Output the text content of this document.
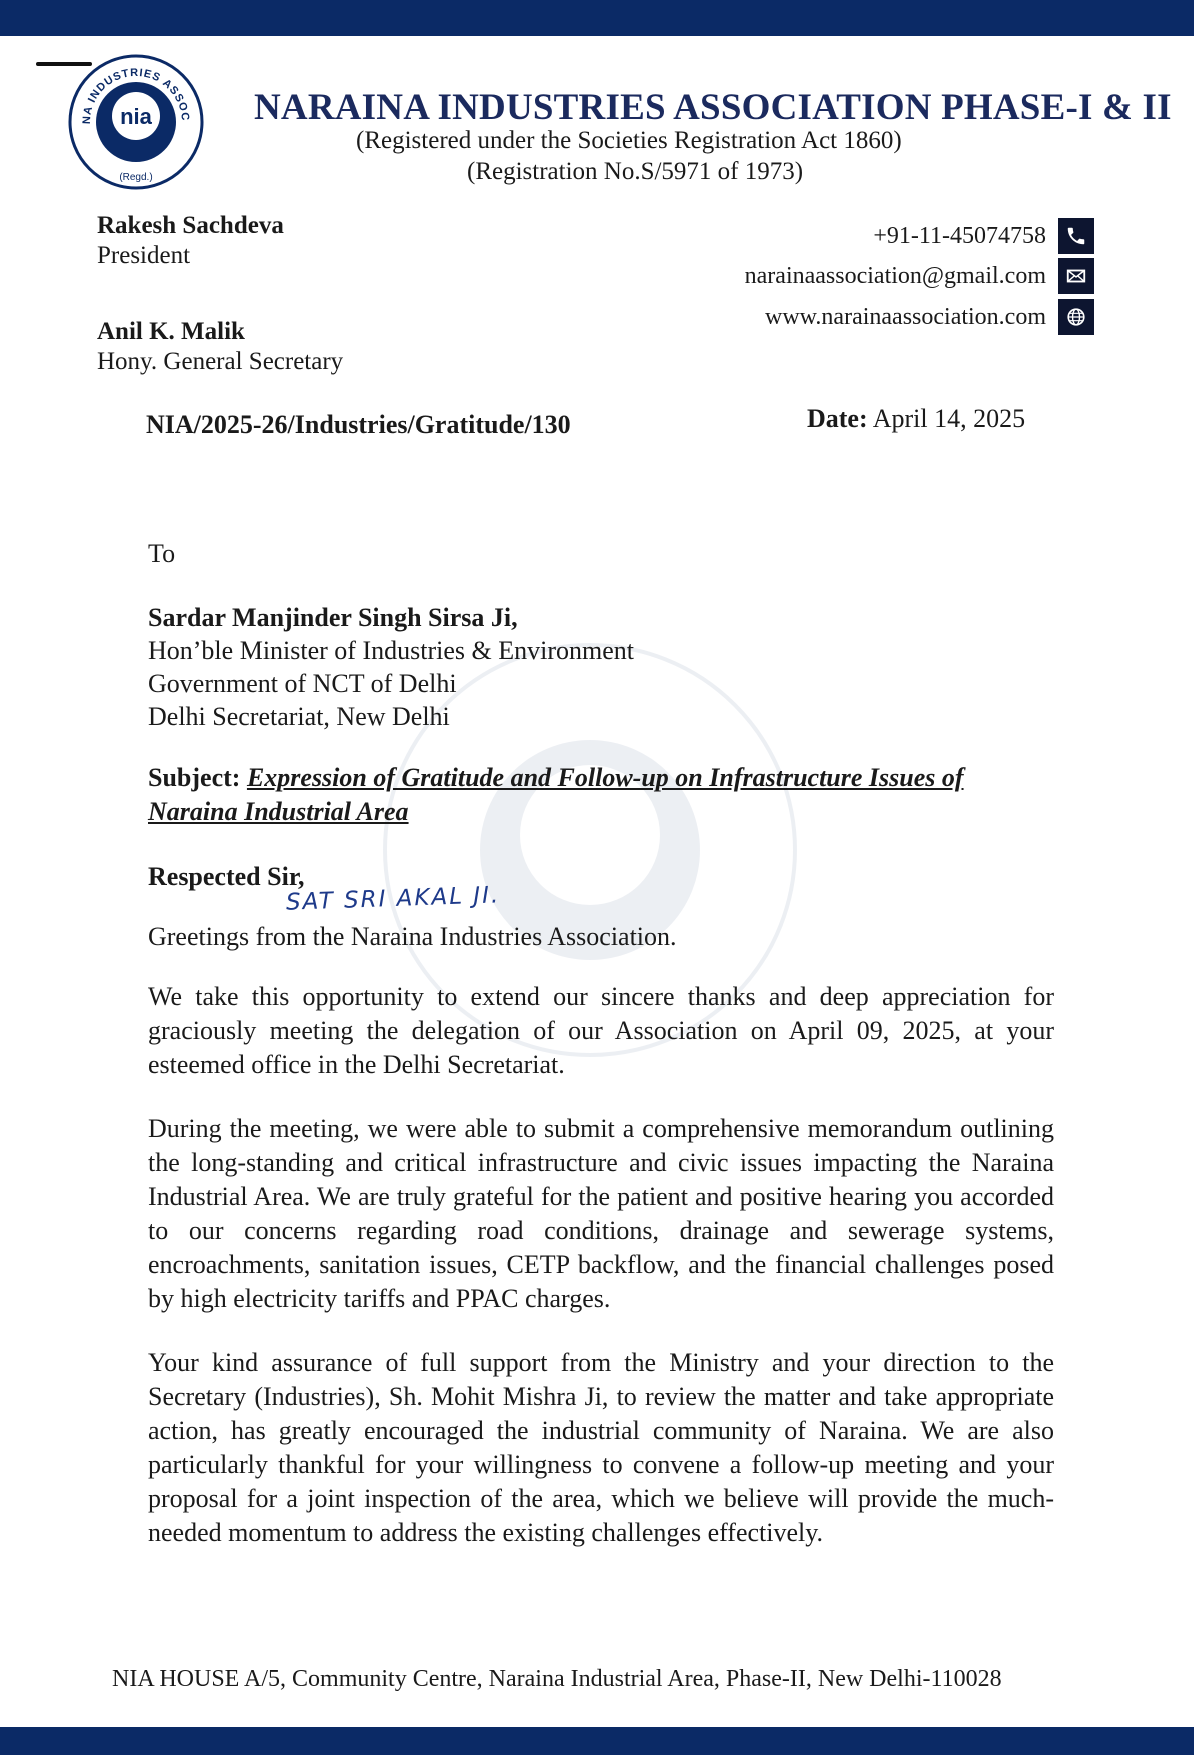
nia
NA INDUSTRIES ASSOC
(Regd.)
NARAINA INDUSTRIES ASSOCIATION PHASE-I & II
(Registered under the Societies Registration Act 1860)
(Registration No.S/5971 of 1973)
Rakesh Sachdeva
President
Anil K. Malik
Hony. General Secretary
+91-11-45074758
narainaassociation@gmail.com
www.narainaassociation.com
NIA/2025-26/Industries/Gratitude/130	Date: April 14, 2025
To
Sardar Manjinder Singh Sirsa Ji,
Hon’ble Minister of Industries & Environment
Government of NCT of Delhi
Delhi Secretariat, New Delhi
Subject: Expression of Gratitude and Follow-up on Infrastructure Issues of Naraina Industrial Area
Respected Sir,
SAT SRI AKAL JI.
Greetings from the Naraina Industries Association.
We take this opportunity to extend our sincere thanks and deep appreciation for graciously meeting the delegation of our Association on April 09, 2025, at your esteemed office in the Delhi Secretariat.
During the meeting, we were able to submit a comprehensive memorandum outlining the long-standing and critical infrastructure and civic issues impacting the Naraina Industrial Area. We are truly grateful for the patient and positive hearing you accorded to our concerns regarding road conditions, drainage and sewerage systems, encroachments, sanitation issues, CETP backflow, and the financial challenges posed by high electricity tariffs and PPAC charges.
Your kind assurance of full support from the Ministry and your direction to the Secretary (Industries), Sh. Mohit Mishra Ji, to review the matter and take appropriate action, has greatly encouraged the industrial community of Naraina. We are also particularly thankful for your willingness to convene a follow-up meeting and your proposal for a joint inspection of the area, which we believe will provide the much-needed momentum to address the existing challenges effectively.
NIA HOUSE A/5, Community Centre, Naraina Industrial Area, Phase-II, New Delhi-110028
